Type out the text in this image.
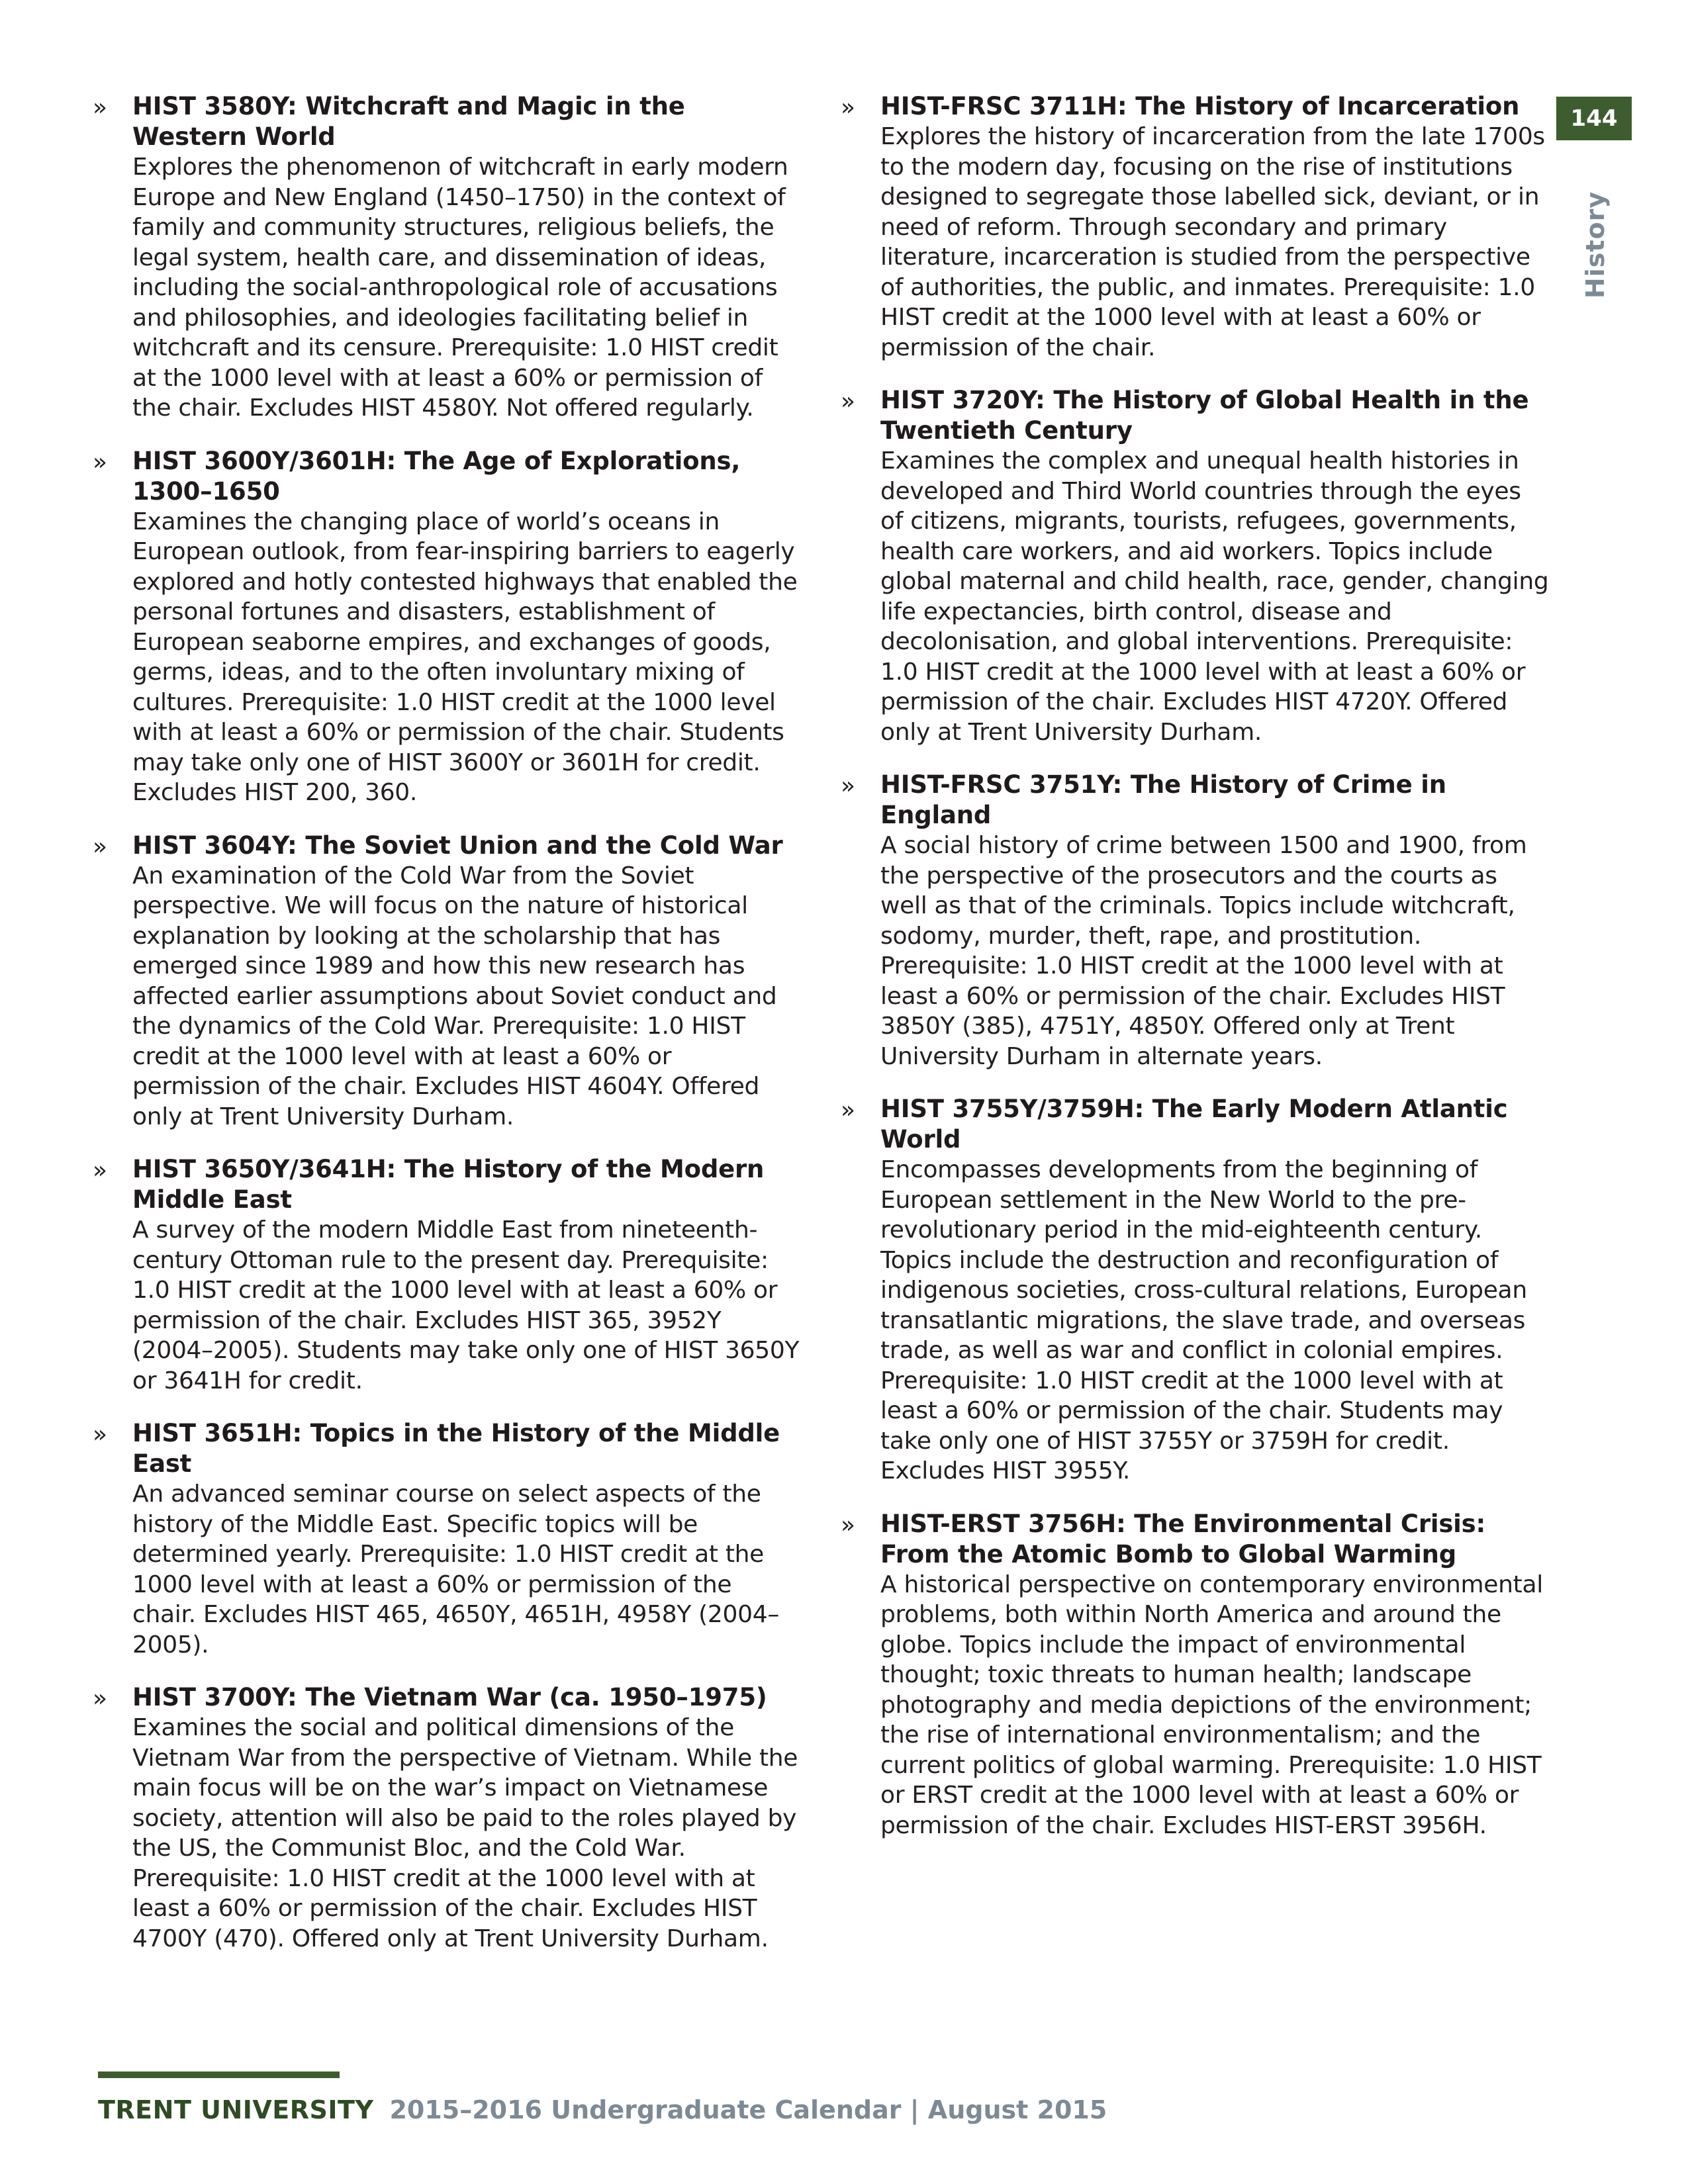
144
History
» HIST 3580Y: Witchcraft and Magic in the Western World
Explores the phenomenon of witchcraft in early modern Europe and New England (1450–1750) in the context of family and community structures, religious beliefs, the legal system, health care, and dissemination of ideas, including the social-anthropological role of accusations and philosophies, and ideologies facilitating belief in witchcraft and its censure. Prerequisite: 1.0 HIST credit at the 1000 level with at least a 60% or permission of the chair. Excludes HIST 4580Y. Not offered regularly.
» HIST 3600Y/3601H: The Age of Explorations, 1300–1650
Examines the changing place of world’s oceans in European outlook, from fear-inspiring barriers to eagerly explored and hotly contested highways that enabled the personal fortunes and disasters, establishment of European seaborne empires, and exchanges of goods, germs, ideas, and to the often involuntary mixing of cultures. Prerequisite: 1.0 HIST credit at the 1000 level with at least a 60% or permission of the chair. Students may take only one of HIST 3600Y or 3601H for credit. Excludes HIST 200, 360.
» HIST 3604Y: The Soviet Union and the Cold War
An examination of the Cold War from the Soviet perspective. We will focus on the nature of historical explanation by looking at the scholarship that has emerged since 1989 and how this new research has affected earlier assumptions about Soviet conduct and the dynamics of the Cold War. Prerequisite: 1.0 HIST credit at the 1000 level with at least a 60% or permission of the chair. Excludes HIST 4604Y. Offered only at Trent University Durham.
» HIST 3650Y/3641H: The History of the Modern Middle East
A survey of the modern Middle East from nineteenth-century Ottoman rule to the present day. Prerequisite: 1.0 HIST credit at the 1000 level with at least a 60% or permission of the chair. Excludes HIST 365, 3952Y (2004–2005). Students may take only one of HIST 3650Y or 3641H for credit.
» HIST 3651H: Topics in the History of the Middle East
An advanced seminar course on select aspects of the history of the Middle East. Specific topics will be determined yearly. Prerequisite: 1.0 HIST credit at the 1000 level with at least a 60% or permission of the chair. Excludes HIST 465, 4650Y, 4651H, 4958Y (2004–2005).
» HIST 3700Y: The Vietnam War (ca. 1950–1975)
Examines the social and political dimensions of the Vietnam War from the perspective of Vietnam. While the main focus will be on the war’s impact on Vietnamese society, attention will also be paid to the roles played by the US, the Communist Bloc, and the Cold War. Prerequisite: 1.0 HIST credit at the 1000 level with at least a 60% or permission of the chair. Excludes HIST 4700Y (470). Offered only at Trent University Durham.
» HIST-FRSC 3711H: The History of Incarceration
Explores the history of incarceration from the late 1700s to the modern day, focusing on the rise of institutions designed to segregate those labelled sick, deviant, or in need of reform. Through secondary and primary literature, incarceration is studied from the perspective of authorities, the public, and inmates. Prerequisite: 1.0 HIST credit at the 1000 level with at least a 60% or permission of the chair.
» HIST 3720Y: The History of Global Health in the Twentieth Century
Examines the complex and unequal health histories in developed and Third World countries through the eyes of citizens, migrants, tourists, refugees, governments, health care workers, and aid workers. Topics include global maternal and child health, race, gender, changing life expectancies, birth control, disease and decolonisation, and global interventions. Prerequisite: 1.0 HIST credit at the 1000 level with at least a 60% or permission of the chair. Excludes HIST 4720Y. Offered only at Trent University Durham.
» HIST-FRSC 3751Y: The History of Crime in England
A social history of crime between 1500 and 1900, from the perspective of the prosecutors and the courts as well as that of the criminals. Topics include witchcraft, sodomy, murder, theft, rape, and prostitution. Prerequisite: 1.0 HIST credit at the 1000 level with at least a 60% or permission of the chair. Excludes HIST 3850Y (385), 4751Y, 4850Y. Offered only at Trent University Durham in alternate years.
» HIST 3755Y/3759H: The Early Modern Atlantic World
Encompasses developments from the beginning of European settlement in the New World to the pre-revolutionary period in the mid-eighteenth century. Topics include the destruction and reconfiguration of indigenous societies, cross-cultural relations, European transatlantic migrations, the slave trade, and overseas trade, as well as war and conflict in colonial empires. Prerequisite: 1.0 HIST credit at the 1000 level with at least a 60% or permission of the chair. Students may take only one of HIST 3755Y or 3759H for credit. Excludes HIST 3955Y.
» HIST-ERST 3756H: The Environmental Crisis: From the Atomic Bomb to Global Warming
A historical perspective on contemporary environmental problems, both within North America and around the globe. Topics include the impact of environmental thought; toxic threats to human health; landscape photography and media depictions of the environment; the rise of international environmentalism; and the current politics of global warming. Prerequisite: 1.0 HIST or ERST credit at the 1000 level with at least a 60% or permission of the chair. Excludes HIST-ERST 3956H.
TRENT UNIVERSITY 2015–2016 Undergraduate Calendar | August 2015
